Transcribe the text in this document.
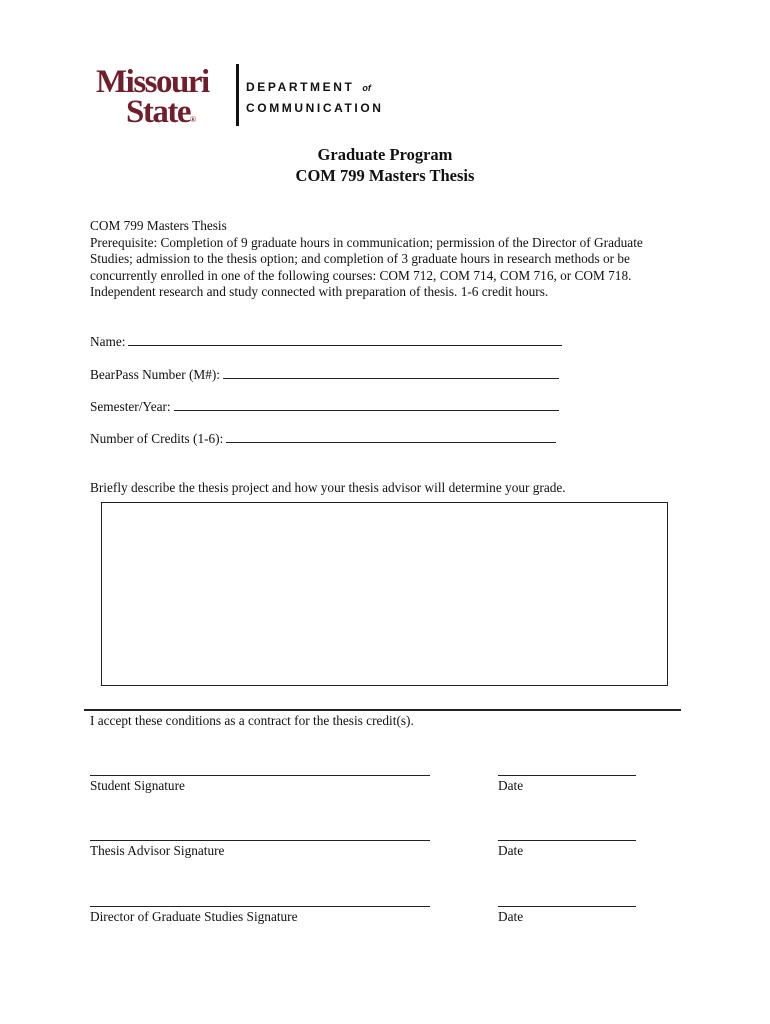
Missouri
State®
DEPARTMENT of
COMMUNICATION
Graduate Program
COM 799 Masters Thesis
COM 799 Masters Thesis
Prerequisite: Completion of 9 graduate hours in communication; permission of the Director of Graduate
Studies; admission to the thesis option; and completion of 3 graduate hours in research methods or be
concurrently enrolled in one of the following courses: COM 712, COM 714, COM 716, or COM 718.
Independent research and study connected with preparation of thesis. 1-6 credit hours.
Name:
BearPass Number (M#):
Semester/Year:
Number of Credits (1-6):
Briefly describe the thesis project and how your thesis advisor will determine your grade.
I accept these conditions as a contract for the thesis credit(s).
Student Signature	Date
Thesis Advisor Signature	Date
Director of Graduate Studies Signature	Date
